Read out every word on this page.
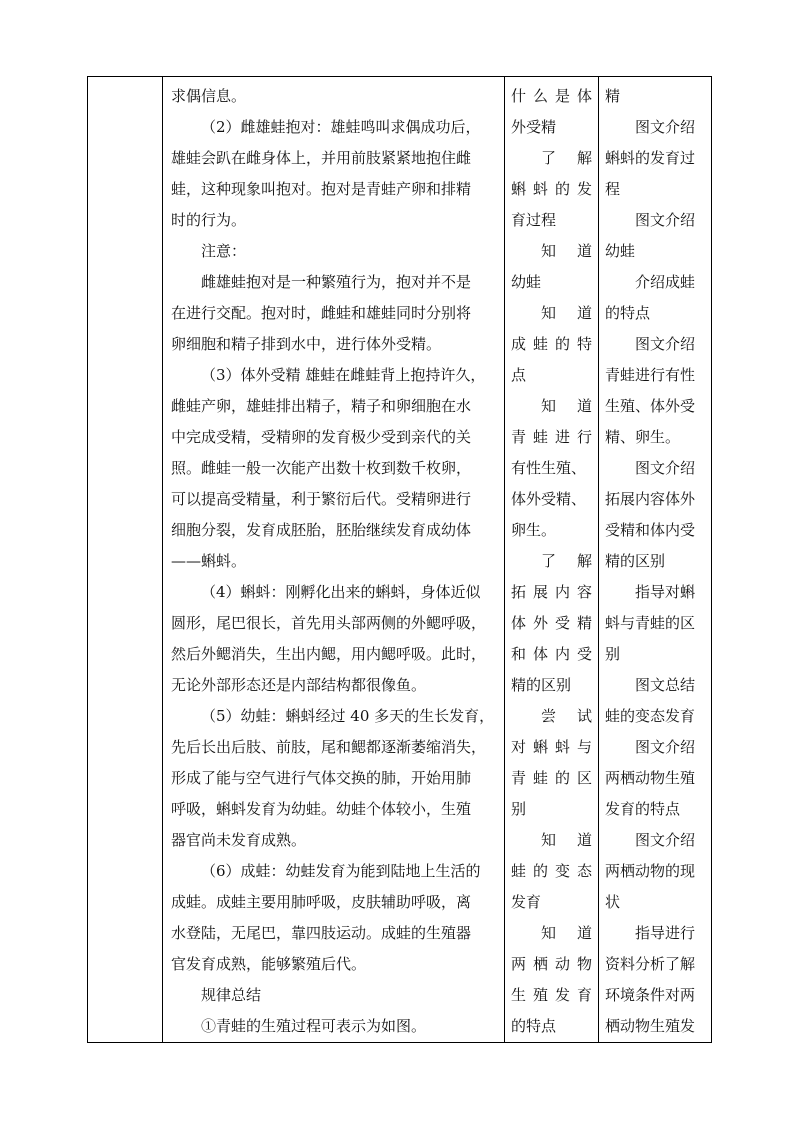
求偶信息。
（2）雌雄蛙抱对：雄蛙鸣叫求偶成功后，
雄蛙会趴在雌身体上，并用前肢紧紧地抱住雌
蛙，这种现象叫抱对。抱对是青蛙产卵和排精
时的行为。
注意：
雌雄蛙抱对是一种繁殖行为，抱对并不是
在进行交配。抱对时，雌蛙和雄蛙同时分别将
卵细胞和精子排到水中，进行体外受精。
（3）体外受精 雄蛙在雌蛙背上抱持许久，
雌蛙产卵，雄蛙排出精子，精子和卵细胞在水
中完成受精，受精卵的发育极少受到亲代的关
照。雌蛙一般一次能产出数十枚到数千枚卵，
可以提高受精量，利于繁衍后代。受精卵进行
细胞分裂，发育成胚胎，胚胎继续发育成幼体
——蝌蚪。
（4）蝌蚪：刚孵化出来的蝌蚪，身体近似
圆形，尾巴很长，首先用头部两侧的外鳃呼吸，
然后外鳃消失，生出内鳃，用内鳃呼吸。此时，
无论外部形态还是内部结构都很像鱼。
（5）幼蛙：蝌蚪经过 40 多天的生长发育，
先后长出后肢、前肢，尾和鳃都逐渐萎缩消失，
形成了能与空气进行气体交换的肺，开始用肺
呼吸，蝌蚪发育为幼蛙。幼蛙个体较小，生殖
器官尚未发育成熟。
（6）成蛙：幼蛙发育为能到陆地上生活的
成蛙。成蛙主要用肺呼吸，皮肤辅助呼吸，离
水登陆，无尾巴，靠四肢运动。成蛙的生殖器
官发育成熟，能够繁殖后代。
规律总结
①青蛙的生殖过程可表示为如图。

什么是体
外受精
了　解
蝌蚪的发
育过程
知　道
幼蛙
知　道
成蛙的特
点
知　道
青蛙进行
有性生殖、
体外受精、
卵生。
了　解
拓展内容
体外受精
和体内受
精的区别
尝　试
对蝌蚪与
青蛙的区
别
知　道
蛙的变态
发育
知　道
两栖动物
生殖发育
的特点

精
图文介绍
蝌蚪的发育过
程
图文介绍
幼蛙
介绍成蛙
的特点
图文介绍
青蛙进行有性
生殖、体外受
精、卵生。
图文介绍
拓展内容体外
受精和体内受
精的区别
指导对蝌
蚪与青蛙的区
别
图文总结
蛙的变态发育
图文介绍
两栖动物生殖
发育的特点
图文介绍
两栖动物的现
状
指导进行
资料分析了解
环境条件对两
栖动物生殖发
